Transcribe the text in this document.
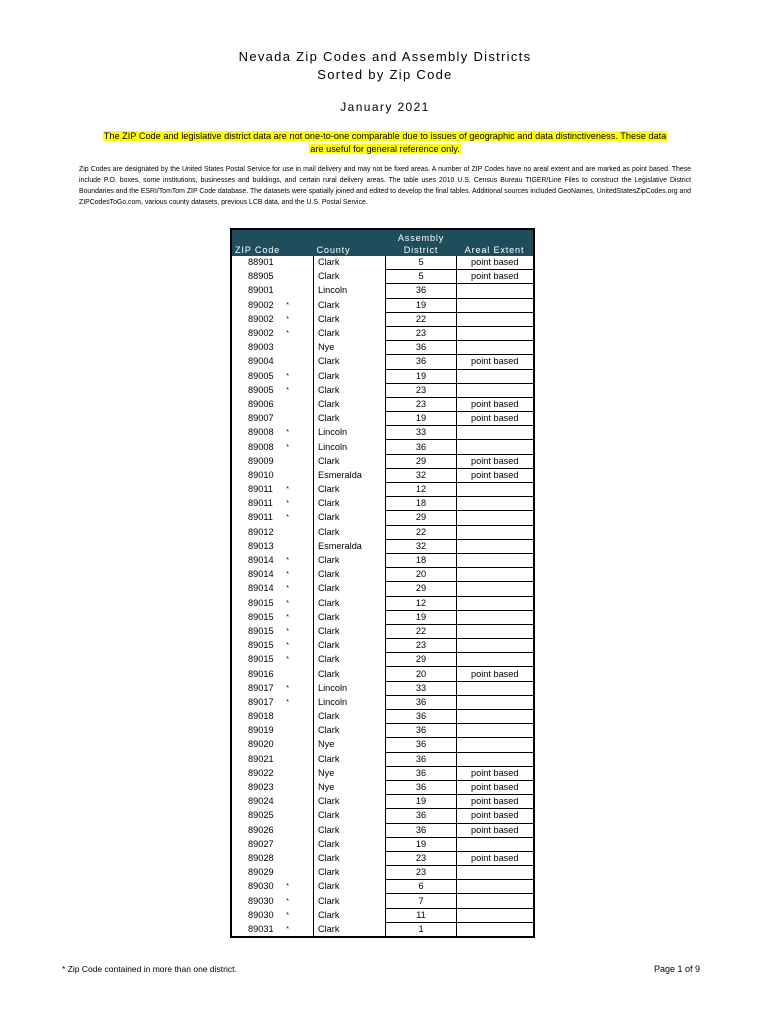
Nevada Zip Codes and Assembly Districts
Sorted by Zip Code
January 2021
The ZIP Code and legislative district data are not one-to-one comparable due to issues of geographic and data distinctiveness. These data
are useful for general reference only.
Zip Codes are designated by the United States Postal Service for use in mail delivery and may not be fixed areas. A number of ZIP Codes have no areal extent and are marked as point based. These include P.O. boxes, some institutions, businesses and buildings, and certain rural delivery areas. The table uses 2010 U.S. Census Bureau TIGER/Line Files to construct the Legislative District Boundaries and the ESRI/TomTom ZIP Code database. The datasets were spatially joined and edited to develop the final tables. Additional sources included GeoNames, UnitedStatesZipCodes.org and ZIPCodesToGo.com, various county datasets, previous LCB data, and the U.S. Postal Service.
ZIP Code	County	Assembly
District	Areal Extent
88901	Clark	5	point based
88905	Clark	5	point based
89001	Lincoln	36	
89002 *	Clark	19	
89002 *	Clark	22	
89002 *	Clark	23	
89003	Nye	36	
89004	Clark	36	point based
89005 *	Clark	19	
89005 *	Clark	23	
89006	Clark	23	point based
89007	Clark	19	point based
89008 *	Lincoln	33	
89008 *	Lincoln	36	
89009	Clark	29	point based
89010	Esmeralda	32	point based
89011 *	Clark	12	
89011 *	Clark	18	
89011 *	Clark	29	
89012	Clark	22	
89013	Esmeralda	32	
89014 *	Clark	18	
89014 *	Clark	20	
89014 *	Clark	29	
89015 *	Clark	12	
89015 *	Clark	19	
89015 *	Clark	22	
89015 *	Clark	23	
89015 *	Clark	29	
89016	Clark	20	point based
89017 *	Lincoln	33	
89017 *	Lincoln	36	
89018	Clark	36	
89019	Clark	36	
89020	Nye	36	
89021	Clark	36	
89022	Nye	36	point based
89023	Nye	36	point based
89024	Clark	19	point based
89025	Clark	36	point based
89026	Clark	36	point based
89027	Clark	19	
89028	Clark	23	point based
89029	Clark	23	
89030 *	Clark	6	
89030 *	Clark	7	
89030 *	Clark	11	
89031 *	Clark	1	
* Zip Code contained in more than one district.	Page 1 of 9
